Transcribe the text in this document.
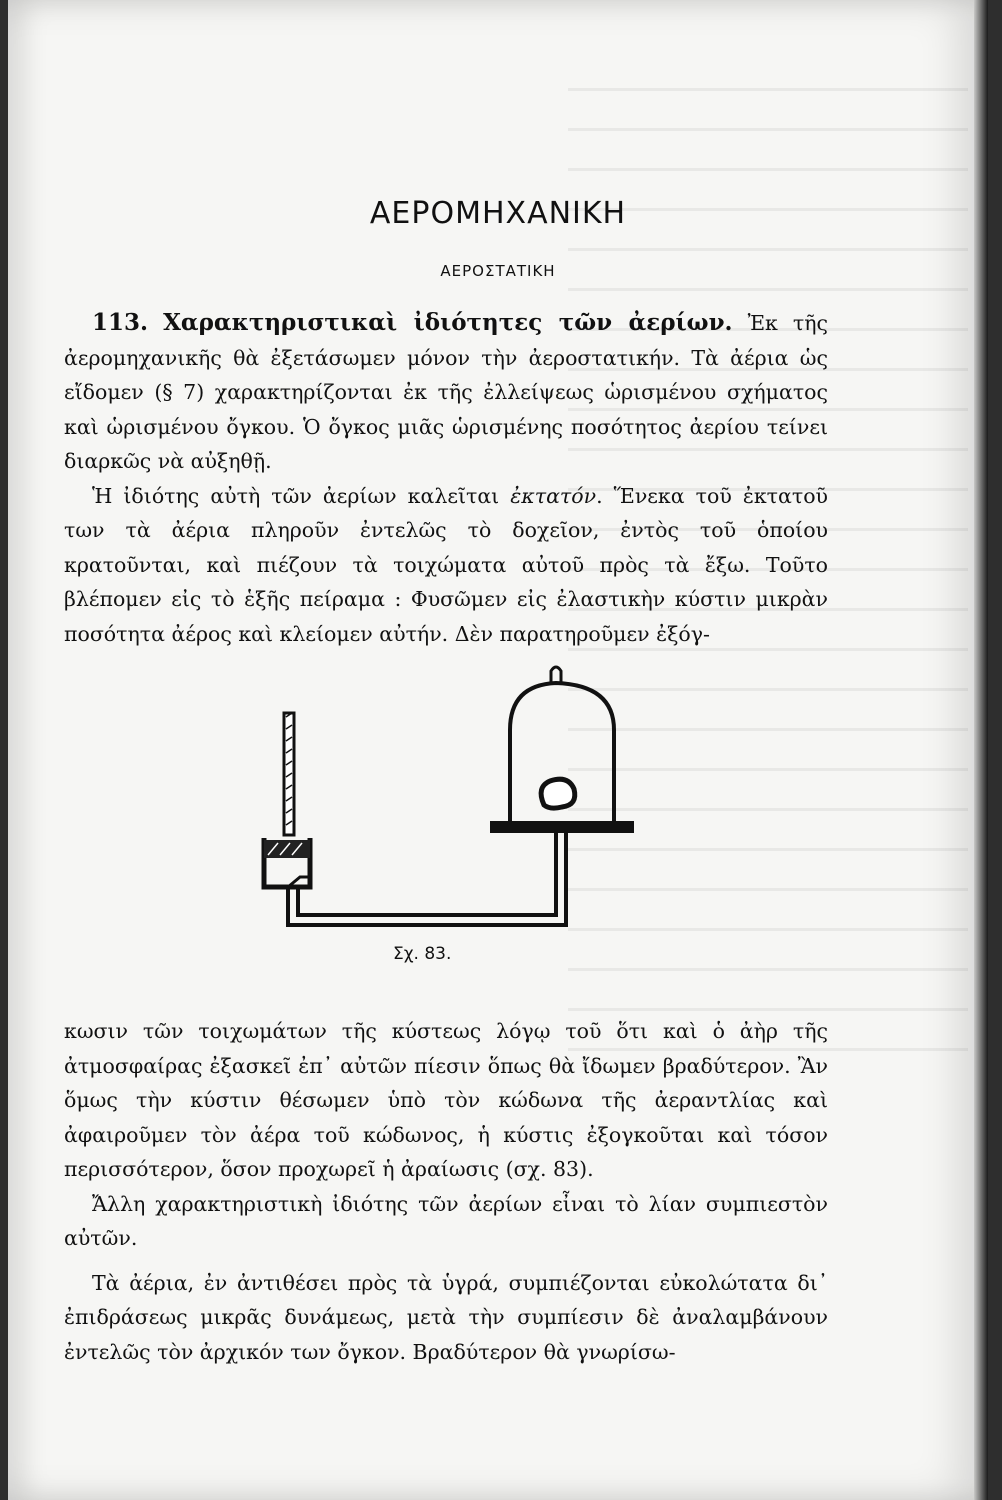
ΑΕΡΟΜΗΧΑΝΙΚΗ
ΑΕΡΟΣΤΑΤΙΚΗ

113. Χαρακτηριστικαὶ ἰδιότητες τῶν ἀερίων. Ἐκ τῆς ἀερομηχανικῆς θὰ ἐξετάσωμεν μόνον τὴν ἀεροστατικήν. Τὰ ἀέρια ὡς εἴδομεν (§ 7) χαρακτηρίζονται ἐκ τῆς ἐλλείψεως ὡρισμένου σχήματος καὶ ὡρισμένου ὄγκου. Ὁ ὄγκος μιᾶς ὡρισμένης ποσότητος ἀερίου τείνει διαρκῶς νὰ αὐξηθῇ.

Ἡ ἰδιότης αὐτὴ τῶν ἀερίων καλεῖται ἐκτατόν. Ἕνεκα τοῦ ἐκτατοῦ των τὰ ἀέρια πληροῦν ἐντελῶς τὸ δοχεῖον, ἐντὸς τοῦ ὁποίου κρατοῦνται, καὶ πιέζουν τὰ τοιχώματα αὐτοῦ πρὸς τὰ ἔξω. Τοῦτο βλέπομεν εἰς τὸ ἑξῆς πείραμα : Φυσῶμεν εἰς ἐλαστικὴν κύστιν μικρὰν ποσότητα ἀέρος καὶ κλείομεν αὐτήν. Δὲν παρατηροῦμεν ἐξόγ-

Σχ. 83.

κωσιν τῶν τοιχωμάτων τῆς κύστεως λόγῳ τοῦ ὅτι καὶ ὁ ἀὴρ τῆς ἀτμοσφαίρας ἐξασκεῖ ἐπ᾿ αὐτῶν πίεσιν ὅπως θὰ ἴδωμεν βραδύτερον. Ἂν ὅμως τὴν κύστιν θέσωμεν ὑπὸ τὸν κώδωνα τῆς ἀεραντλίας καὶ ἀφαιροῦμεν τὸν ἀέρα τοῦ κώδωνος, ἡ κύστις ἐξογκοῦται καὶ τόσον περισσότερον, ὅσον προχωρεῖ ἡ ἀραίωσις (σχ. 83).

Ἄλλη χαρακτηριστικὴ ἰδιότης τῶν ἀερίων εἶναι τὸ λίαν συμπιεστὸν αὐτῶν.

Τὰ ἀέρια, ἐν ἀντιθέσει πρὸς τὰ ὑγρά, συμπιέζονται εὐκολώτατα δι᾿ ἐπιδράσεως μικρᾶς δυνάμεως, μετὰ τὴν συμπίεσιν δὲ ἀναλαμβάνουν ἐντελῶς τὸν ἀρχικόν των ὄγκον. Βραδύτερον θὰ γνωρίσω-
